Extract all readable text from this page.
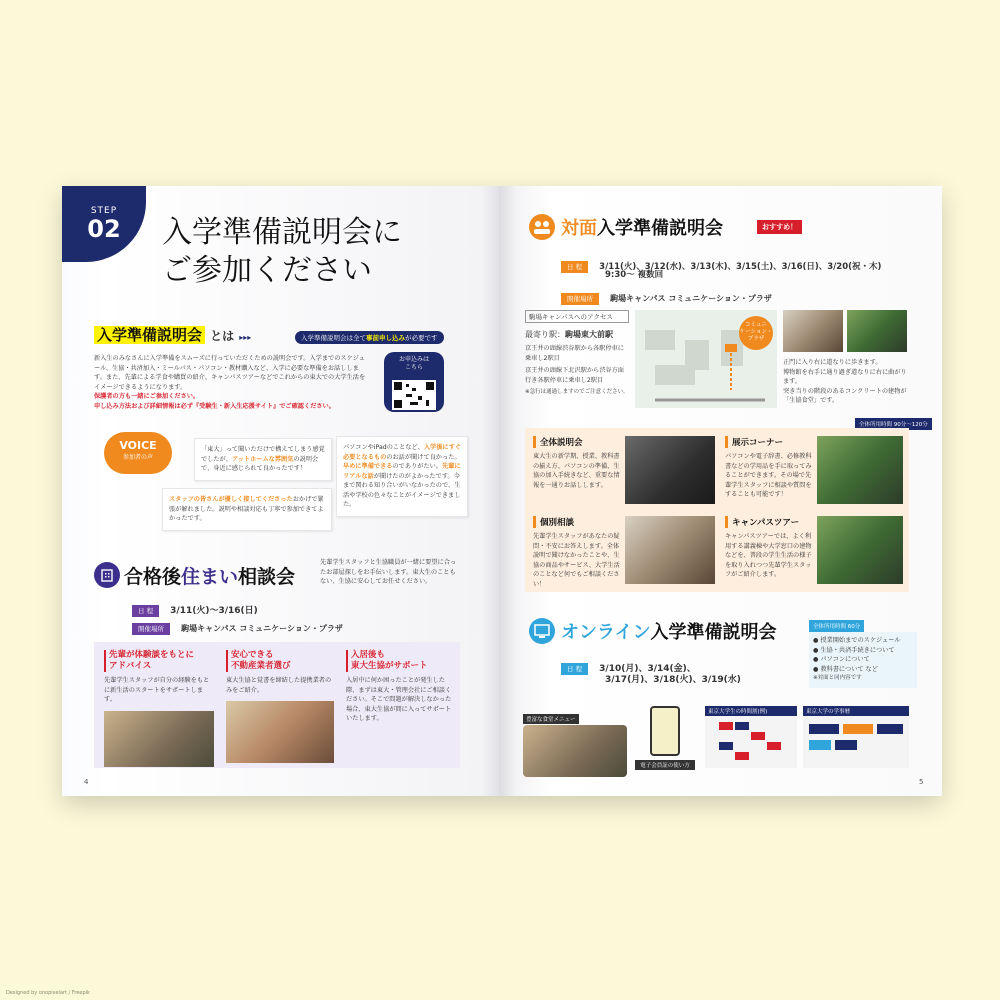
STEP
02	入学準備説明会に
ご参加ください
入学準備説明会 とは ▸▸▸	入学準備説明会は全て事前申し込みが必要です
新入生のみなさんに入学準備をスムーズに行っていただくための説明会です。入学までのスケジュール、生協・共済加入・ミールパス・パソコン・教材購入など、入学に必要な準備をお話しします。また、先輩による学食や購買の紹介、キャンパスツアーなどでこれからの東大での大学生活をイメージできるようになります。
保護者の方も一緒にご参加ください。
申し込み方法および詳細情報は必ず『受験生・新入生応援サイト』でご確認ください。
お申込みは
こちら
VOICE
参加者の声
「東大」って聞いただけで構えてしまう感覚でしたが、アットホームな雰囲気の説明会で、身近に感じられて良かったです！
スタッフの皆さんが優しく接してくださったおかげで緊張が解れました。説明や相談対応も丁寧で参加できてよかったです。
パソコンやiPadのことなど、入学後にすぐ必要となるもののお話が聞けて良かった。早めに準備できるのでありがたい。先輩にリアルな話が聞けたのがよかったです。今まで関わる知り合いがいなかったので、生活や学校の色々なことがイメージできました。
合格後住まい相談会
先輩学生スタッフと生協職員が一緒に要望に合ったお部屋探しをお手伝いします。東大生のこともない、生協に安心してお任せください。
日 程 3/11(火)〜3/16(日)
開催場所 駒場キャンパス コミュニケーション・プラザ
先輩が体験談をもとに
アドバイス
先輩学生スタッフが自分の経験をもとに新生活のスタートをサポートします。
安心できる
不動産業者選び
東大生協と覚書を締結した提携業者のみをご紹介。
入居後も
東大生協がサポート
入居中に何か困ったことが発生した際、まずは東大・管理会社にご相談ください。そこで問題が解決しなかった場合、東大生協が間に入ってサポートいたします。
4
対面入学準備説明会	おすすめ！
日 程 3/11(火)、3/12(水)、3/13(木)、3/15(土)、3/16(日)、3/20(祝・木)
9:30〜 複数回
開催場所 駒場キャンパス コミュニケーション・プラザ
駒場キャンパスへのアクセス
最寄り駅：駒場東大前駅
京王井の頭線渋谷駅から各駅停車に乗車し2駅目
京王井の頭線下北沢駅から渋谷方面行き各駅停車に乗車し2駅目
※急行は通過しますのでご注意ください。
コミュニ
ケーション・
プラザ
正門に入り右に道なりに歩きます。
博物館を右手に通り過ぎ道なりに右に曲がります。
突き当りの階段のあるコンクリートの建物が「生協食堂」です。
全体所用時間 90分〜120分
全体説明会
東大生の新学期、授業、教科書の揃え方、パソコンの準備、生協の加入手続きなど、重要な情報を一通りお話しします。
展示コーナー
パソコンや電子辞書、必修教科書などの学用品を手に取ってみることができます。その場で先輩学生スタッフに相談や質問をすることも可能です！
個別相談
先輩学生スタッフがあなたの疑問・不安にお答えします。全体説明で聞けなかったことや、生協の商品やサービス、大学生活のことなど何でもご相談ください！
キャンパスツアー
キャンパスツアーでは、よく利用する講義棟や大学窓口の建物などを、普段の学生生活の様子を取り入れつつ先輩学生スタッフがご紹介します。
オンライン入学準備説明会
日 程 3/10(月)、3/14(金)、
3/17(月)、3/18(火)、3/19(水)
全体所用時間 60分
● 授業開始までのスケジュール
● 生協・共済手続きについて
● パソコンについて
● 教科書について など
※対面と同内容です
豊富な食堂メニュー
電子会員証の使い方
東京大学生の時間割(例)	東京大学の学事暦
5
Designed by onopixelart / Freepik
